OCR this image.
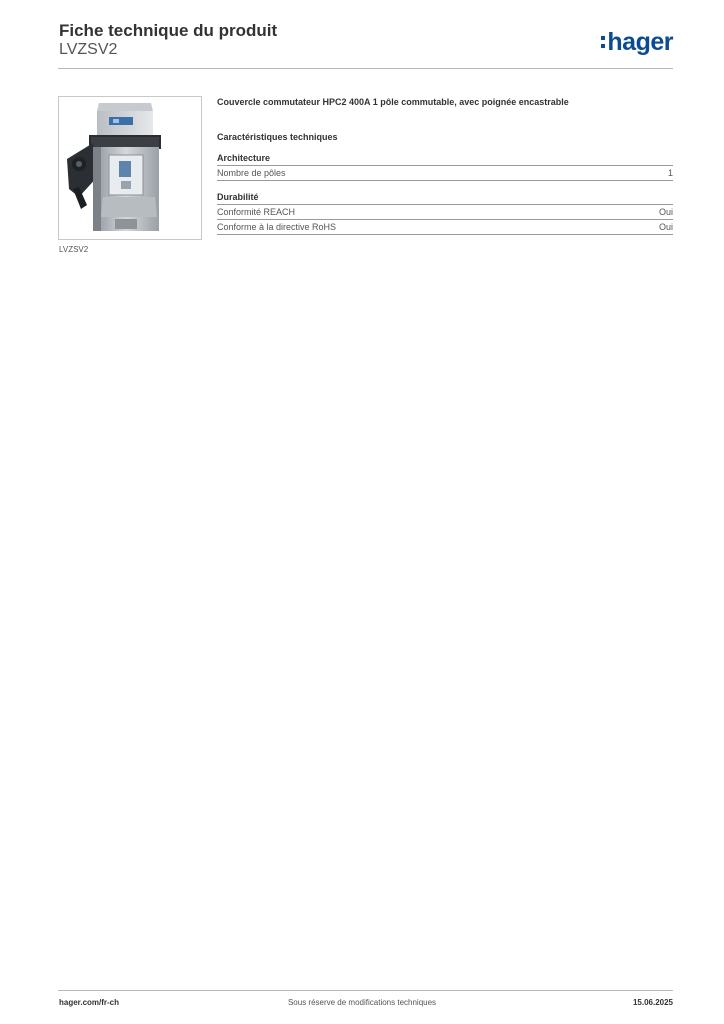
Fiche technique du produit
LVZSV2	hager
LVZSV2
Couvercle commutateur HPC2 400A 1 pôle commutable, avec poignée encastrable
Caractéristiques techniques
Architecture
Nombre de pôles	1
Durabilité
Conformité REACH	Oui
Conforme à la directive RoHS	Oui
hager.com/fr-ch	Sous réserve de modifications techniques	15.06.2025
